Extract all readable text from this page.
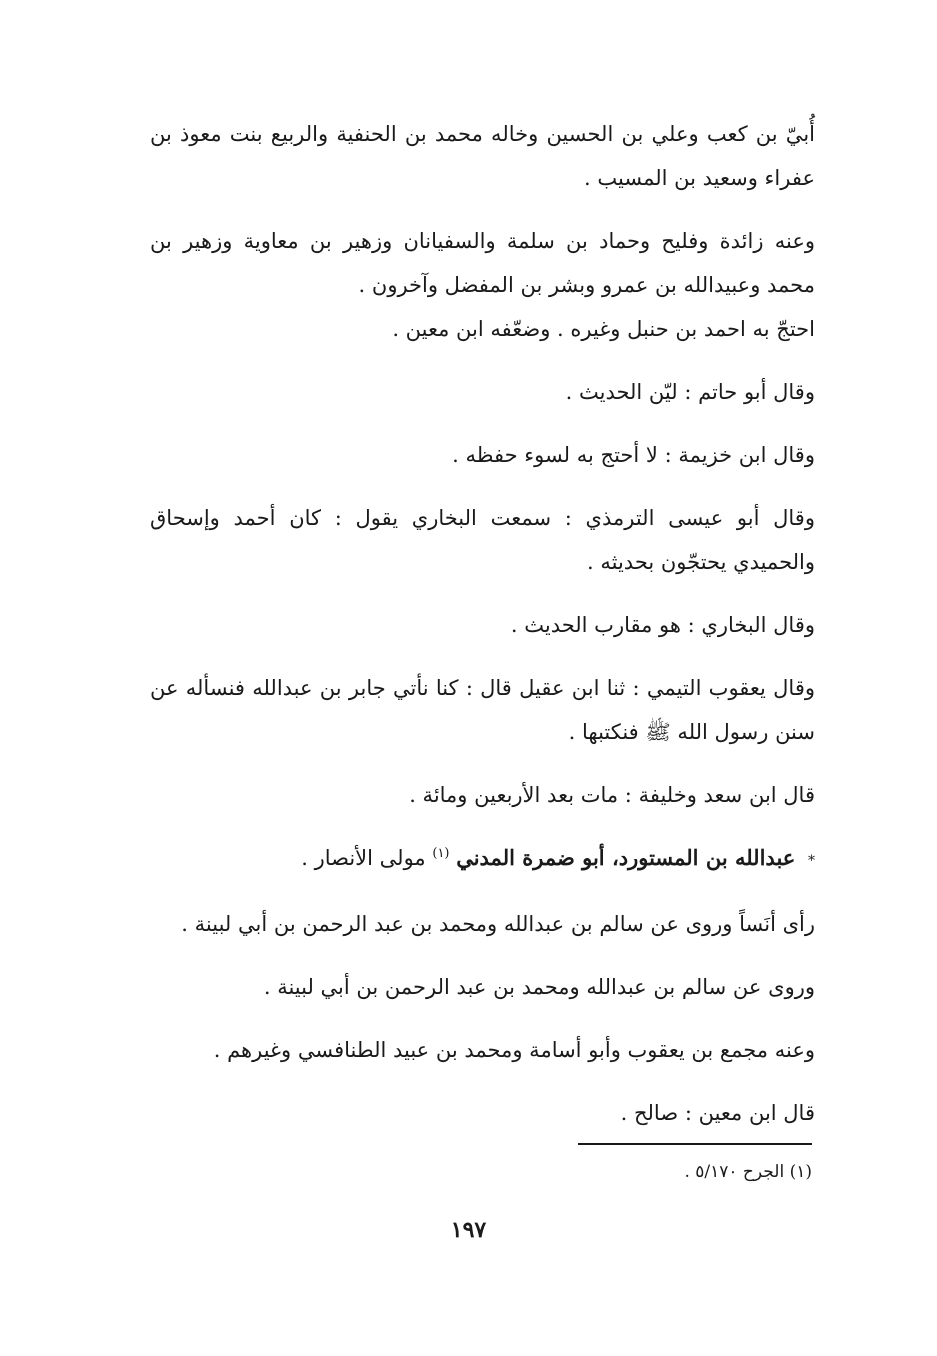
أُبيّ بن كعب وعلي بن الحسين وخاله محمد بن الحنفية والربيع بنت معوذ بن عفراء وسعيد بن المسيب .

وعنه زائدة وفليح وحماد بن سلمة والسفيانان وزهير بن معاوية وزهير بن محمد وعبيدالله بن عمرو وبشر بن المفضل وآخرون .

احتجّ به احمد بن حنبل وغيره . وضعّفه ابن معين .

وقال أبو حاتم : ليّن الحديث .

وقال ابن خزيمة : لا أحتج به لسوء حفظه .

وقال أبو عيسى الترمذي : سمعت البخاري يقول : كان أحمد وإسحاق والحميدي يحتجّون بحديثه .

وقال البخاري : هو مقارب الحديث .

وقال يعقوب التيمي : ثنا ابن عقيل قال : كنا نأتي جابر بن عبدالله فنسأله عن سنن رسول الله ﷺ فنكتبها .

قال ابن سعد وخليفة : مات بعد الأربعين ومائة .

* عبدالله بن المستورد، أبو ضمرة المدني $^{(١)}$ مولى الأنصار .

رأى أنَساً وروى عن سالم بن عبدالله ومحمد بن عبد الرحمن بن أبي لبينة .

وروى عن سالم بن عبدالله ومحمد بن عبد الرحمن بن أبي لبينة .

وعنه مجمع بن يعقوب وأبو أسامة ومحمد بن عبيد الطنافسي وغيرهم .

قال ابن معين : صالح .

(١) الجرح ٥/١٧٠ .
١٩٧
